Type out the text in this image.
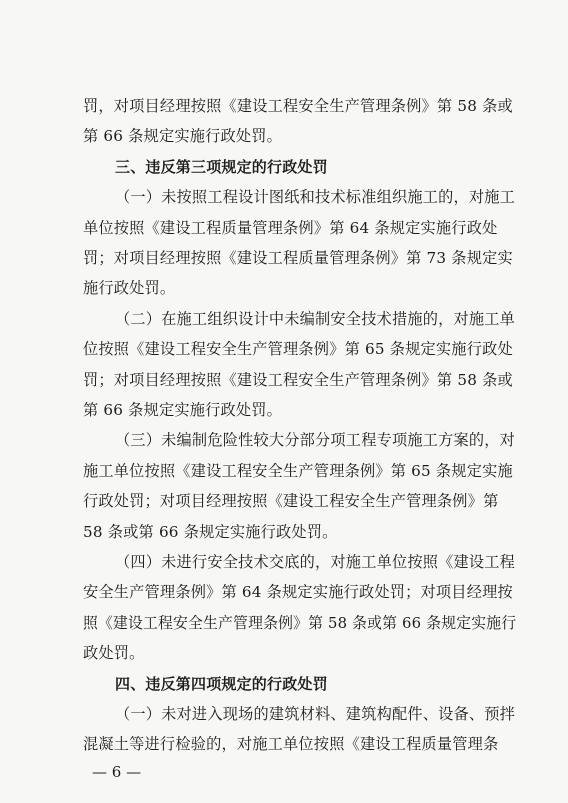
罚，对项目经理按照《建设工程安全生产管理条例》第 58 条或
第 66 条规定实施行政处罚。
三、违反第三项规定的行政处罚
（一）未按照工程设计图纸和技术标准组织施工的，对施工
单位按照《建设工程质量管理条例》第 64 条规定实施行政处
罚；对项目经理按照《建设工程质量管理条例》第 73 条规定实
施行政处罚。
（二）在施工组织设计中未编制安全技术措施的，对施工单
位按照《建设工程安全生产管理条例》第 65 条规定实施行政处
罚；对项目经理按照《建设工程安全生产管理条例》第 58 条或
第 66 条规定实施行政处罚。
（三）未编制危险性较大分部分项工程专项施工方案的，对
施工单位按照《建设工程安全生产管理条例》第 65 条规定实施
行政处罚；对项目经理按照《建设工程安全生产管理条例》第
58 条或第 66 条规定实施行政处罚。
（四）未进行安全技术交底的，对施工单位按照《建设工程
安全生产管理条例》第 64 条规定实施行政处罚；对项目经理按
照《建设工程安全生产管理条例》第 58 条或第 66 条规定实施行
政处罚。
四、违反第四项规定的行政处罚
（一）未对进入现场的建筑材料、建筑构配件、设备、预拌
混凝土等进行检验的，对施工单位按照《建设工程质量管理条
— 6 —
